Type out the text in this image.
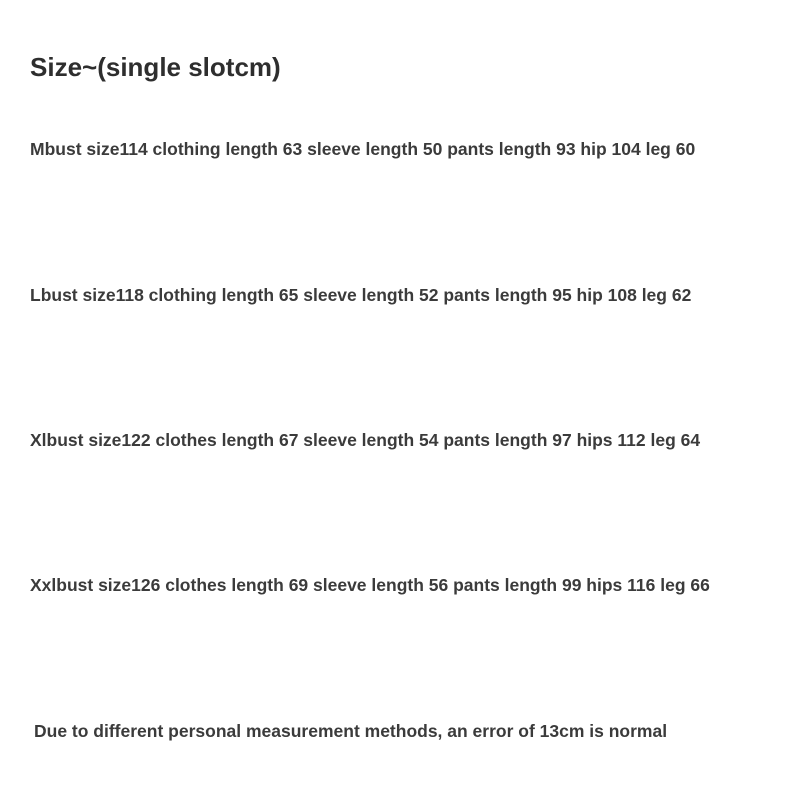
Size~(single slotcm)

Mbust size114 clothing length 63 sleeve length 50 pants length 93 hip 104 leg 60

Lbust size118 clothing length 65 sleeve length 52 pants length 95 hip 108 leg 62

Xlbust size122 clothes length 67 sleeve length 54 pants length 97 hips 112 leg 64

Xxlbust size126 clothes length 69 sleeve length 56 pants length 99 hips 116 leg 66

Due to different personal measurement methods, an error of 13cm is normal
